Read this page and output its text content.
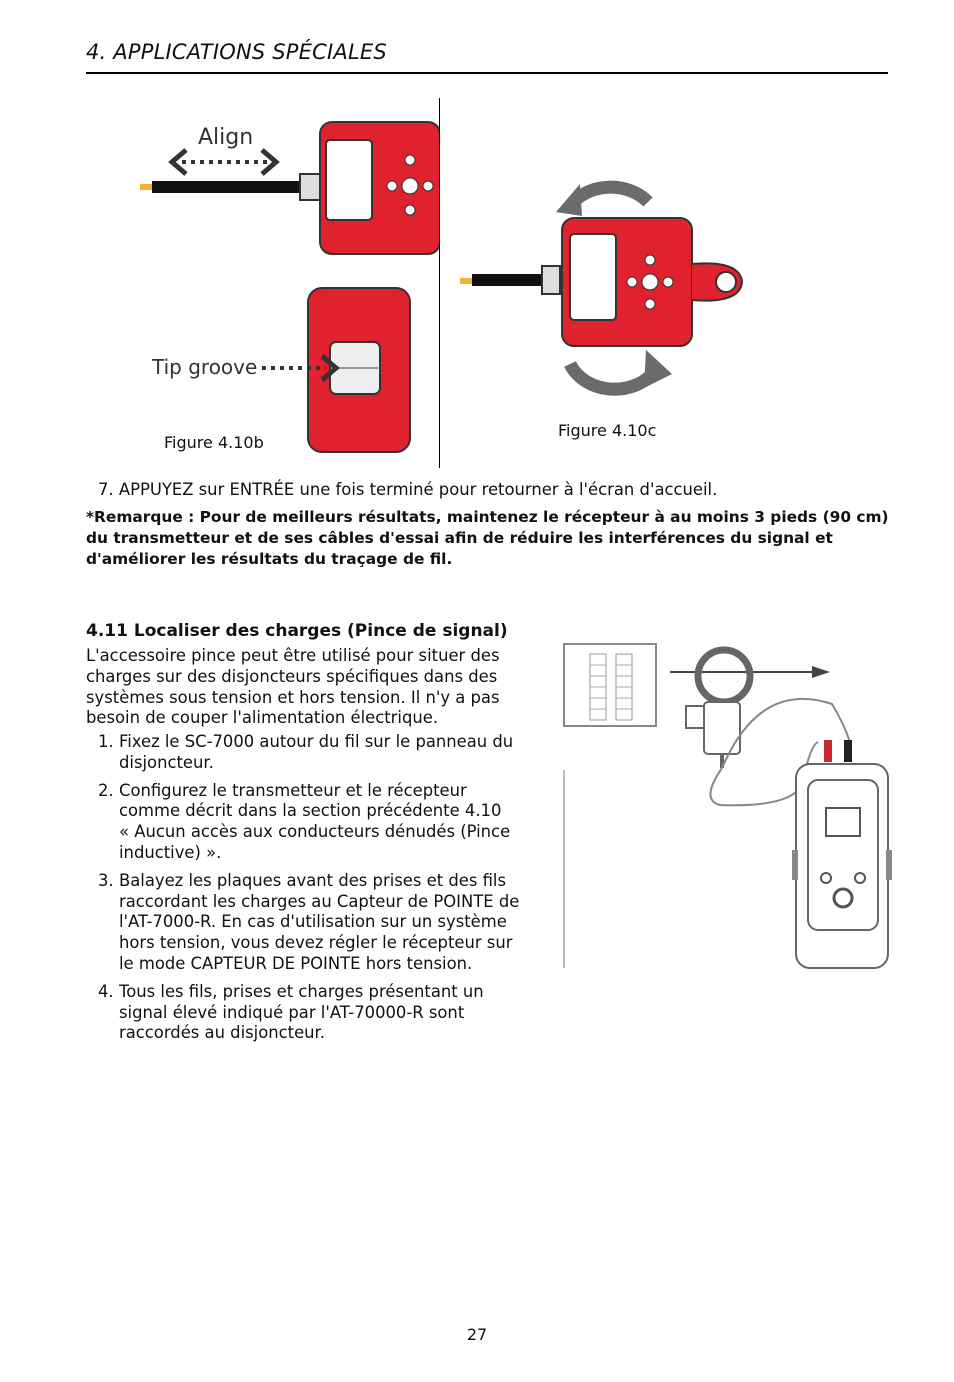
4. APPLICATIONS SPÉCIALES
Align
Tip groove
Figure 4.10b
Figure 4.10c
7. APPUYEZ sur ENTRÉE une fois terminé pour retourner à l'écran d'accueil.
*Remarque : Pour de meilleurs résultats, maintenez le récepteur à au moins 3 pieds (90 cm)
du transmetteur et de ses câbles d'essai afin de réduire les interférences du signal et
d'améliorer les résultats du traçage de fil.
4.11 Localiser des charges (Pince de signal)
L'accessoire pince peut être utilisé pour situer des
charges sur des disjoncteurs spécifiques dans des
systèmes sous tension et hors tension. Il n'y a pas
besoin de couper l'alimentation électrique.
1. Fixez le SC-7000 autour du fil sur le panneau du
disjoncteur.
2. Configurez le transmetteur et le récepteur
comme décrit dans la section précédente 4.10
« Aucun accès aux conducteurs dénudés (Pince
inductive) ».
3. Balayez les plaques avant des prises et des fils
raccordant les charges au Capteur de POINTE de
l'AT-7000-R. En cas d'utilisation sur un système
hors tension, vous devez régler le récepteur sur
le mode CAPTEUR DE POINTE hors tension.
4. Tous les fils, prises et charges présentant un
signal élevé indiqué par l'AT-70000-R sont
raccordés au disjoncteur.
27
